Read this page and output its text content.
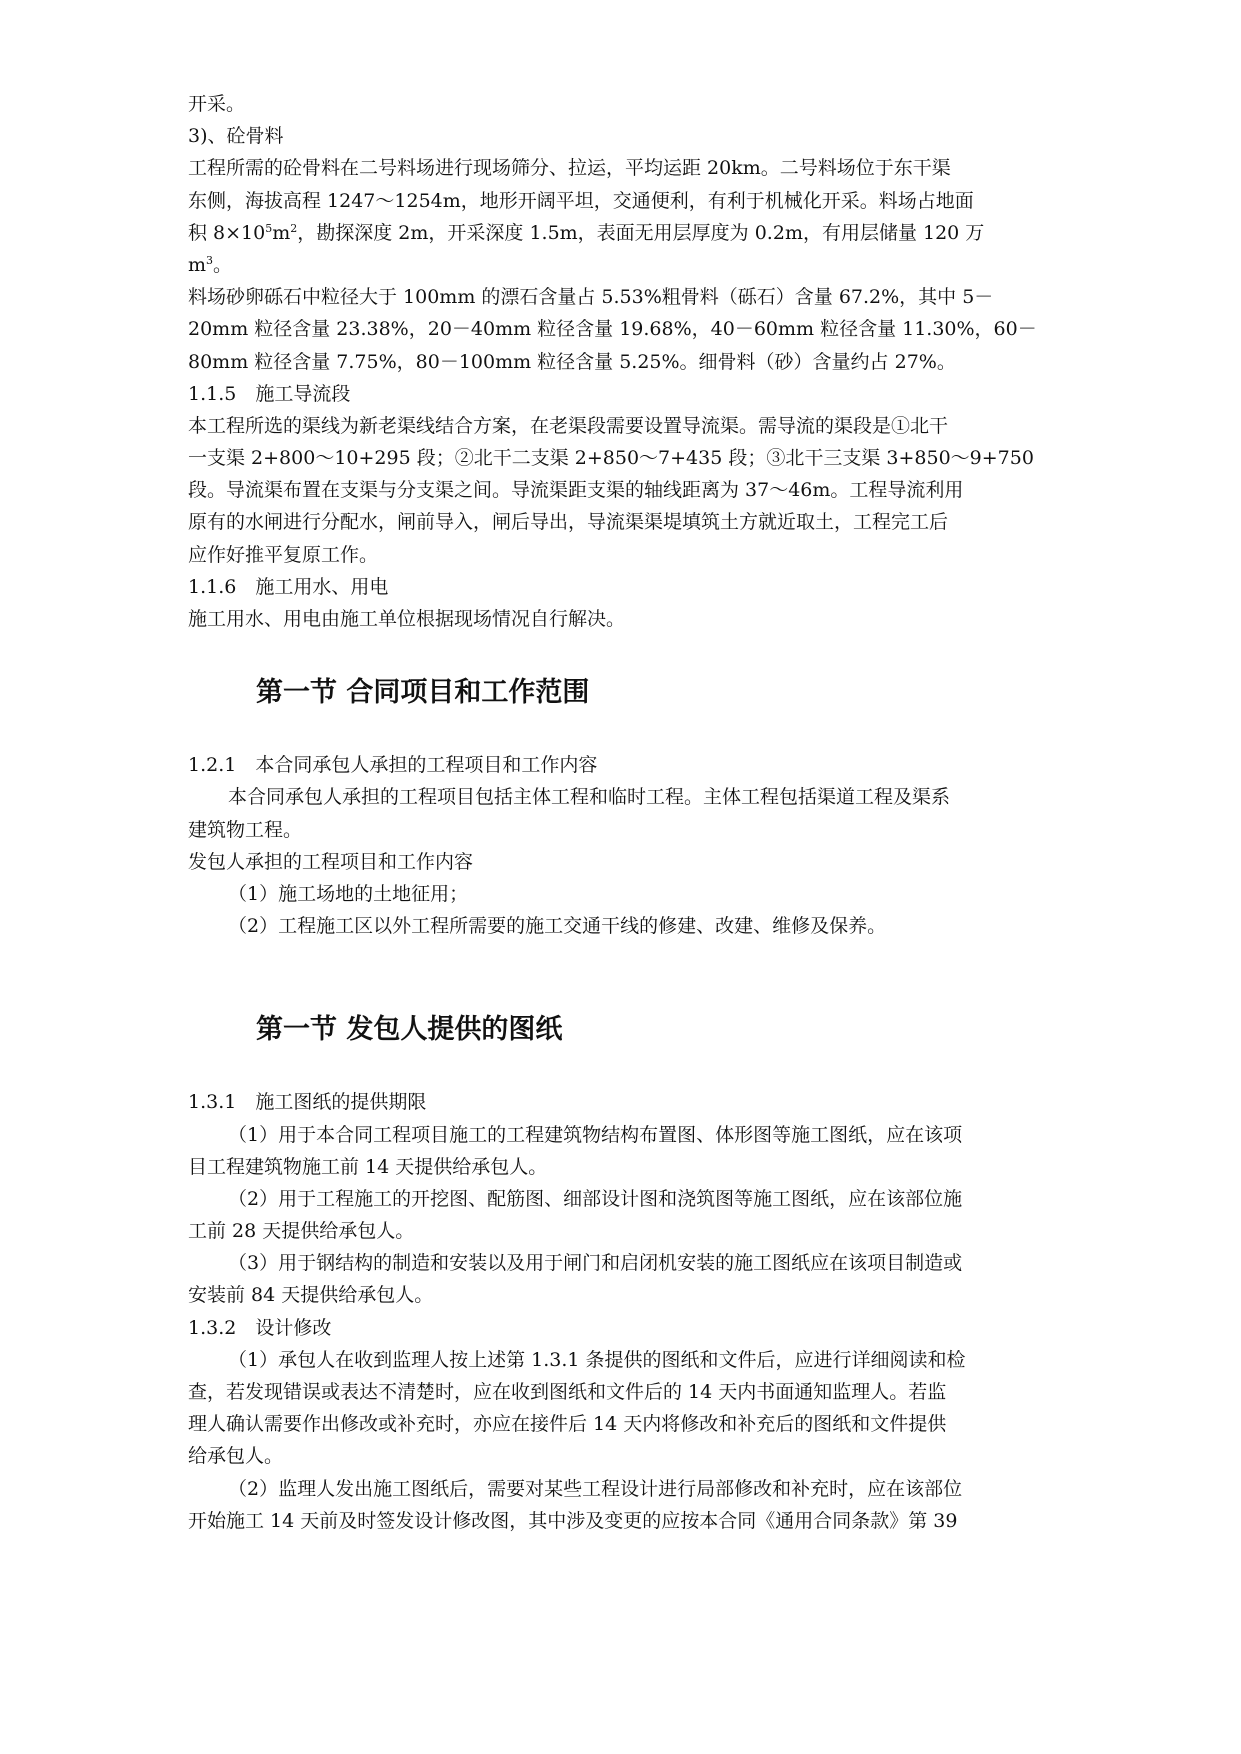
开采。
3)、砼骨料
工程所需的砼骨料在二号料场进行现场筛分、拉运，平均运距 20km。二号料场位于东干渠
东侧，海拔高程 1247～1254m，地形开阔平坦，交通便利，有利于机械化开采。料场占地面
积 $8\times 10^5m^2$，勘探深度 2m，开采深度 1.5m，表面无用层厚度为 0.2m，有用层储量 120 万
$m^3$。
料场砂卵砾石中粒径大于 100mm 的漂石含量占 5.53%粗骨料（砾石）含量 67.2%，其中 5－
20mm 粒径含量 23.38%，20－40mm 粒径含量 19.68%，40－60mm 粒径含量 11.30%，60－
80mm 粒径含量 7.75%，80－100mm 粒径含量 5.25%。细骨料（砂）含量约占 27%。
1.1.5　施工导流段
本工程所选的渠线为新老渠线结合方案，在老渠段需要设置导流渠。需导流的渠段是①北干
一支渠 2+800～10+295 段；②北干二支渠 2+850～7+435 段；③北干三支渠 3+850～9+750
段。导流渠布置在支渠与分支渠之间。导流渠距支渠的轴线距离为 37～46m。工程导流利用
原有的水闸进行分配水，闸前导入，闸后导出，导流渠渠堤填筑土方就近取土，工程完工后
应作好推平复原工作。
1.1.6　施工用水、用电
施工用水、用电由施工单位根据现场情况自行解决。
第一节 合同项目和工作范围
1.2.1　本合同承包人承担的工程项目和工作内容
本合同承包人承担的工程项目包括主体工程和临时工程。主体工程包括渠道工程及渠系
建筑物工程。
发包人承担的工程项目和工作内容
（1）施工场地的土地征用；
（2）工程施工区以外工程所需要的施工交通干线的修建、改建、维修及保养。
第一节 发包人提供的图纸
1.3.1　施工图纸的提供期限
（1）用于本合同工程项目施工的工程建筑物结构布置图、体形图等施工图纸，应在该项
目工程建筑物施工前 14 天提供给承包人。
（2）用于工程施工的开挖图、配筋图、细部设计图和浇筑图等施工图纸，应在该部位施
工前 28 天提供给承包人。
（3）用于钢结构的制造和安装以及用于闸门和启闭机安装的施工图纸应在该项目制造或
安装前 84 天提供给承包人。
1.3.2　设计修改
（1）承包人在收到监理人按上述第 1.3.1 条提供的图纸和文件后，应进行详细阅读和检
查，若发现错误或表达不清楚时，应在收到图纸和文件后的 14 天内书面通知监理人。若监
理人确认需要作出修改或补充时，亦应在接件后 14 天内将修改和补充后的图纸和文件提供
给承包人。
（2）监理人发出施工图纸后，需要对某些工程设计进行局部修改和补充时，应在该部位
开始施工 14 天前及时签发设计修改图，其中涉及变更的应按本合同《通用合同条款》第 39
